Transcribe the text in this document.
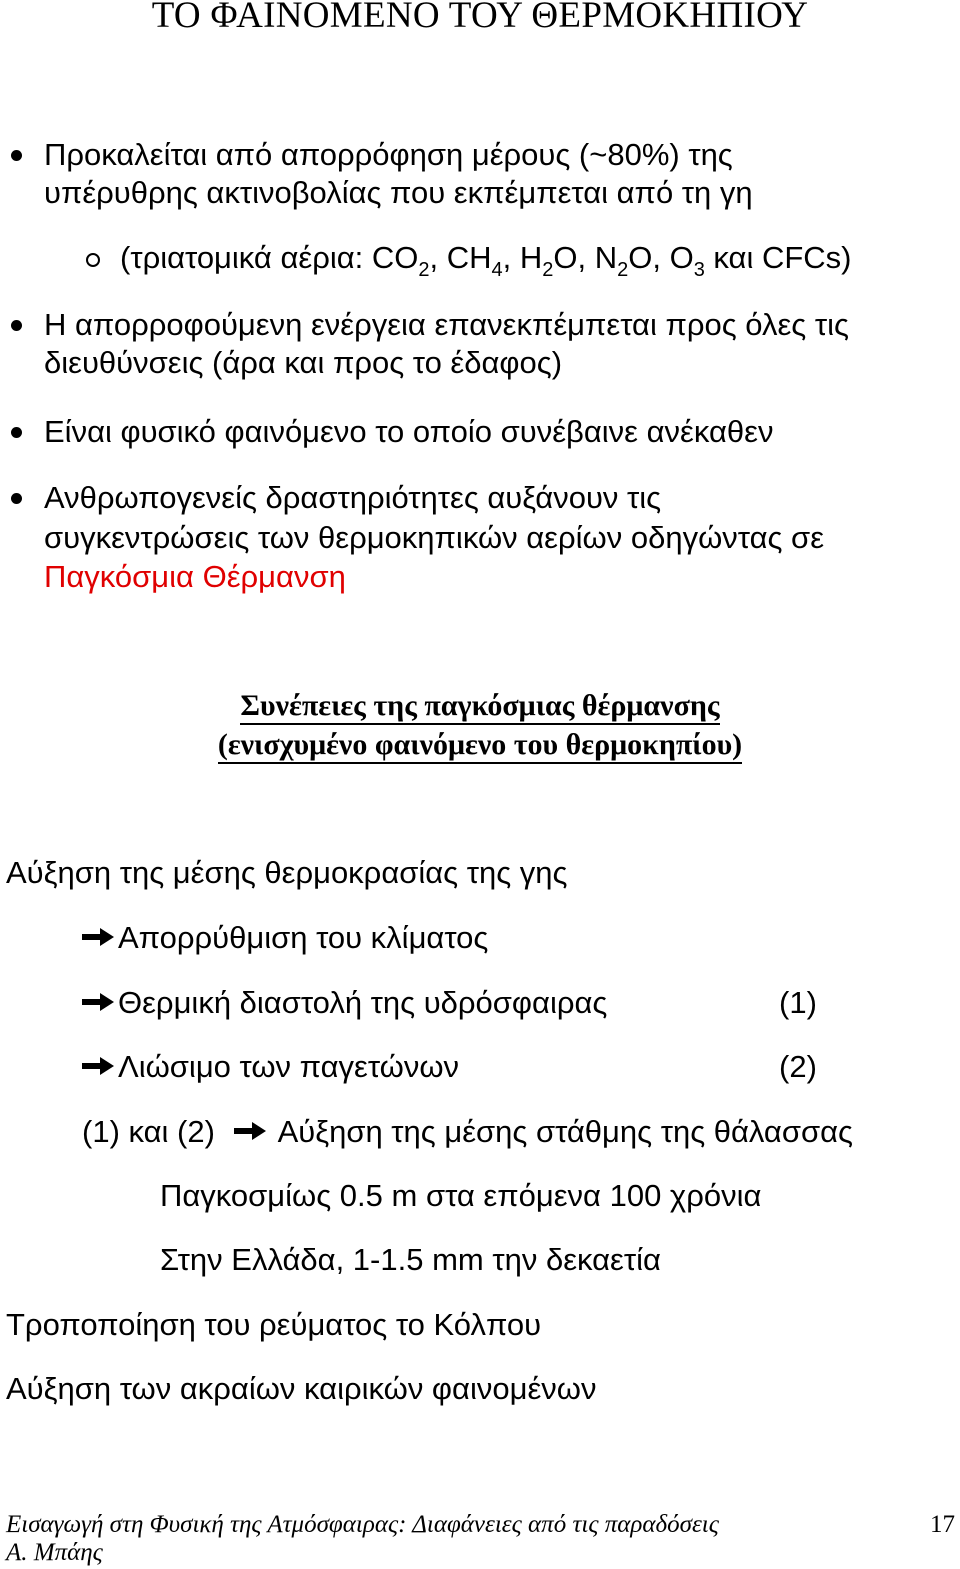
ΤΟ ΦΑΙΝΟΜΕΝΟ ΤΟΥ ΘΕΡΜΟΚΗΠΙΟΥ
Προκαλείται από απορρόφηση μέρους (~80%) της
υπέρυθρης ακτινοβολίας που εκπέμπεται από τη γη
(τριατομικά αέρια: $CO_2$, $CH_4$, $H_2O$, $N_2O$, $O_3$ και CFCs)
Η απορροφούμενη ενέργεια επανεκπέμπεται προς όλες τις
διευθύνσεις (άρα και προς το έδαφος)
Είναι φυσικό φαινόμενο το οποίο συνέβαινε ανέκαθεν
Ανθρωπογενείς δραστηριότητες αυξάνουν τις
συγκεντρώσεις των θερμοκηπικών αερίων οδηγώντας σε
Παγκόσμια Θέρμανση
Συνέπειες της παγκόσμιας θέρμανσης
(ενισχυμένο φαινόμενο του θερμοκηπίου)
Αύξηση της μέσης θερμοκρασίας της γης
Απορρύθμιση του κλίματος
Θερμική διαστολή της υδρόσφαιρας	(1)
Λιώσιμο των παγετώνων	(2)
(1) και (2) Αύξηση της μέσης στάθμης της θάλασσας
Παγκοσμίως 0.5 m στα επόμενα 100 χρόνια
Στην Ελλάδα, 1-1.5 mm την δεκαετία
Τροποποίηση του ρεύματος το Κόλπου
Αύξηση των ακραίων καιρικών φαινομένων
Εισαγωγή στη Φυσική της Ατμόσφαιρας: Διαφάνειες από τις παραδόσεις	17
Α. Μπάης
